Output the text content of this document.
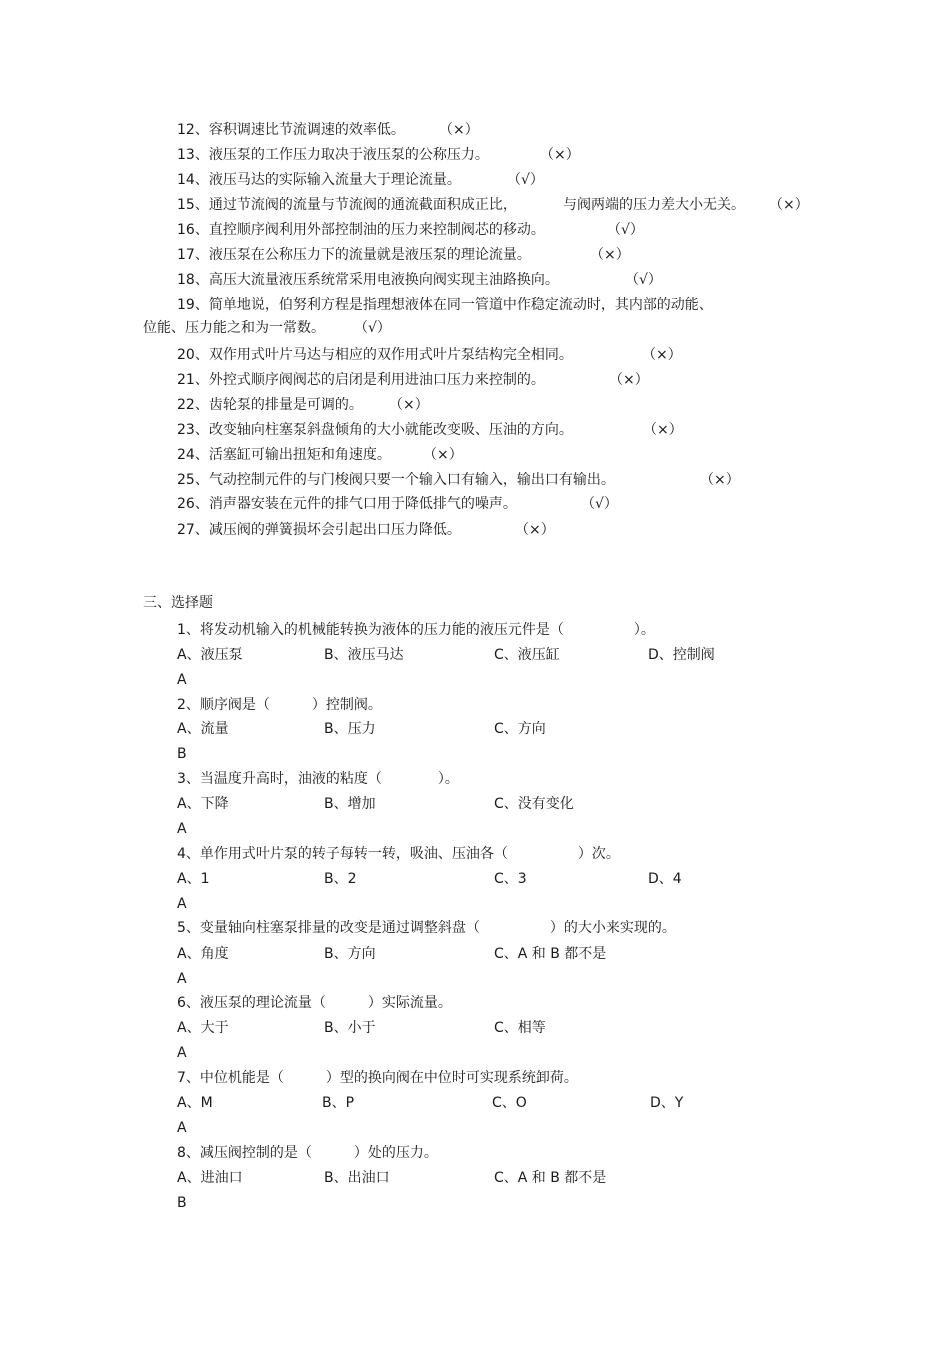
12、容积调速比节流调速的效率低。 （×）
13、液压泵的工作压力取决于液压泵的公称压力。	（×）
14、液压马达的实际输入流量大于理论流量。	（√）
15、通过节流阀的流量与节流阀的通流截面积成正比，	与阀两端的压力差大小无关。 （×）
16、直控顺序阀利用外部控制油的压力来控制阀芯的移动。	（√）
17、液压泵在公称压力下的流量就是液压泵的理论流量。	（×）
18、高压大流量液压系统常采用电液换向阀实现主油路换向。	（√）
19、简单地说，伯努利方程是指理想液体在同一管道中作稳定流动时，其内部的动能、
位能、压力能之和为一常数。 （√）
20、双作用式叶片马达与相应的双作用式叶片泵结构完全相同。	（×）
21、外控式顺序阀阀芯的启闭是利用进油口压力来控制的。	（×）
22、齿轮泵的排量是可调的。 （×）
23、改变轴向柱塞泵斜盘倾角的大小就能改变吸、压油的方向。	（×）
24、活塞缸可输出扭矩和角速度。 （×）
25、气动控制元件的与门梭阀只要一个输入口有输入，输出口有输出。	（×）
26、消声器安装在元件的排气口用于降低排气的噪声。	（√）
27、减压阀的弹簧损坏会引起出口压力降低。	（×）
三、选择题
1、将发动机输入的机械能转换为液体的压力能的液压元件是（　　　　　）。
A、液压泵	B、液压马达	C、液压缸	D、控制阀
A
2、顺序阀是（　　　）控制阀。
A、流量	B、压力	C、方向
B
3、当温度升高时，油液的粘度（　　　　）。
A、下降	B、增加	C、没有变化
A
4、单作用式叶片泵的转子每转一转，吸油、压油各（　　　　　）次。
A、1	B、2	C、3	D、4
A
5、变量轴向柱塞泵排量的改变是通过调整斜盘（　　　　　）的大小来实现的。
A、角度	B、方向	C、A 和 B 都不是
A
6、液压泵的理论流量（　　　）实际流量。
A、大于	B、小于	C、相等
A
7、中位机能是（　　　）型的换向阀在中位时可实现系统卸荷。
A、M	B、P	C、O	D、Y
A
8、减压阀控制的是（　　　）处的压力。
A、进油口	B、出油口	C、A 和 B 都不是
B
